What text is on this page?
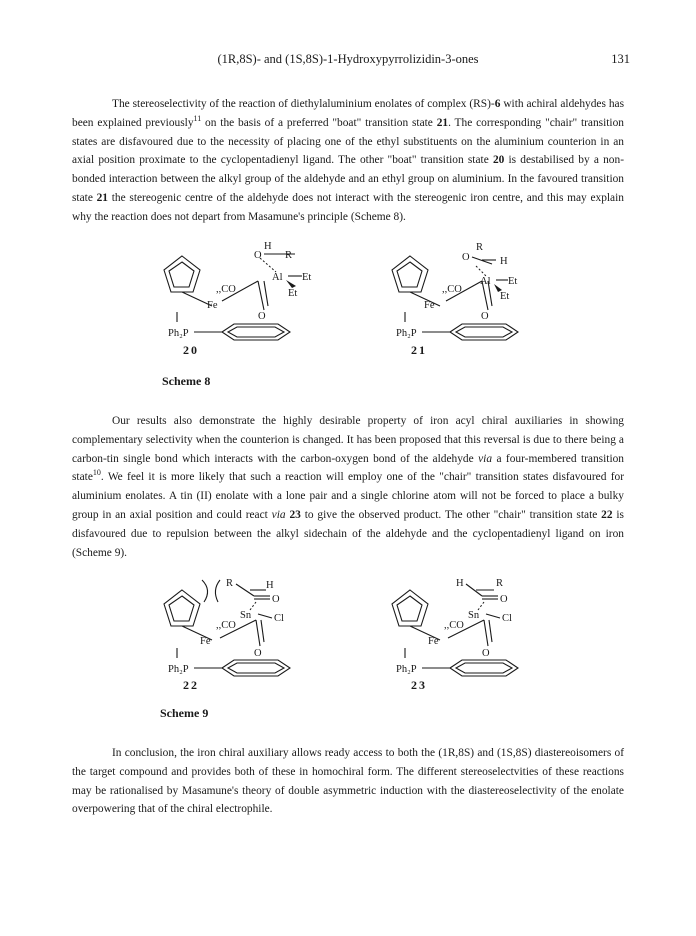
(1R,8S)- and (1S,8S)-1-Hydroxypyrrolizidin-3-ones	131

The stereoselectivity of the reaction of diethylaluminium enolates of complex (RS)-6 with achiral aldehydes has been explained previously$^{11}$ on the basis of a preferred "boat" transition state 21. The corresponding "chair" transition states are disfavoured due to the necessity of placing one of the ethyl substituents on the aluminium counterion in an axial position proximate to the cyclopentadienyl ligand. The other "boat" transition state 20 is destabilised by a non-bonded interaction between the alkyl group of the aldehyde and an ethyl group on aluminium. In the favoured transition state 21 the stereogenic centre of the aldehyde does not interact with the stereogenic iron centre, and this may explain why the reaction does not depart from Masamune's principle (Scheme 8).

,,CO
Fe
O
O
H
R
Al Et
Et
Ph₂P
20
,,CO
Fe
O
O
R
H
Al Et
Et
Ph₂P
21
Scheme 8

Our results also demonstrate the highly desirable property of iron acyl chiral auxiliaries in showing complementary selectivity when the counterion is changed. It has been proposed that this reversal is due to there being a carbon-tin single bond which interacts with the carbon-oxygen bond of the aldehyde via a four-membered transition state$^{10}$. We feel it is more likely that such a reaction will employ one of the "chair" transition states disfavoured for aluminium enolates. A tin (II) enolate with a lone pair and a single chlorine atom will not be forced to place a bulky group in an axial position and could react via 23 to give the observed product. The other "chair" transition state 22 is disfavoured due to repulsion between the alkyl sidechain of the aldehyde and the cyclopentadienyl ligand on iron (Scheme 9).

R	H
O
Sn Cl
,,CO
Fe
O
Ph₂P
22
H	R
O
Sn Cl
,,CO
Fe
O
Ph₂P
23
Scheme 9

In conclusion, the iron chiral auxiliary allows ready access to both the (1R,8S) and (1S,8S) diastereoisomers of the target compound and provides both of these in homochiral form. The different stereoselectvities of these reactions may be rationalised by Masamune's theory of double asymmetric induction with the diastereoselectivity of the enolate overpowering that of the chiral electrophile.
